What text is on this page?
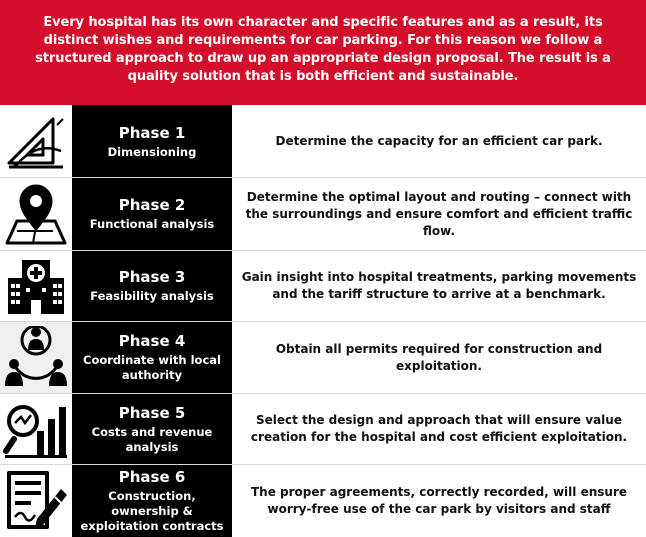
Every hospital has its own character and specific features and as a result, its distinct wishes and requirements for car parking. For this reason we follow a structured approach to draw up an appropriate design proposal. The result is a quality solution that is both efficient and sustainable.
Phase 1
Dimensioning
Determine the capacity for an efficient car park.
Phase 2
Functional analysis
Determine the optimal layout and routing – connect with the surroundings and ensure comfort and efficient traffic flow.
Phase 3
Feasibility analysis
Gain insight into hospital treatments, parking movements and the tariff structure to arrive at a benchmark.
Phase 4
Coordinate with local authority
Obtain all permits required for construction and exploitation.
Phase 5
Costs and revenue analysis
Select the design and approach that will ensure value creation for the hospital and cost efficient exploitation.
Phase 6
Construction, ownership & exploitation contracts
The proper agreements, correctly recorded, will ensure worry-free use of the car park by visitors and staff
